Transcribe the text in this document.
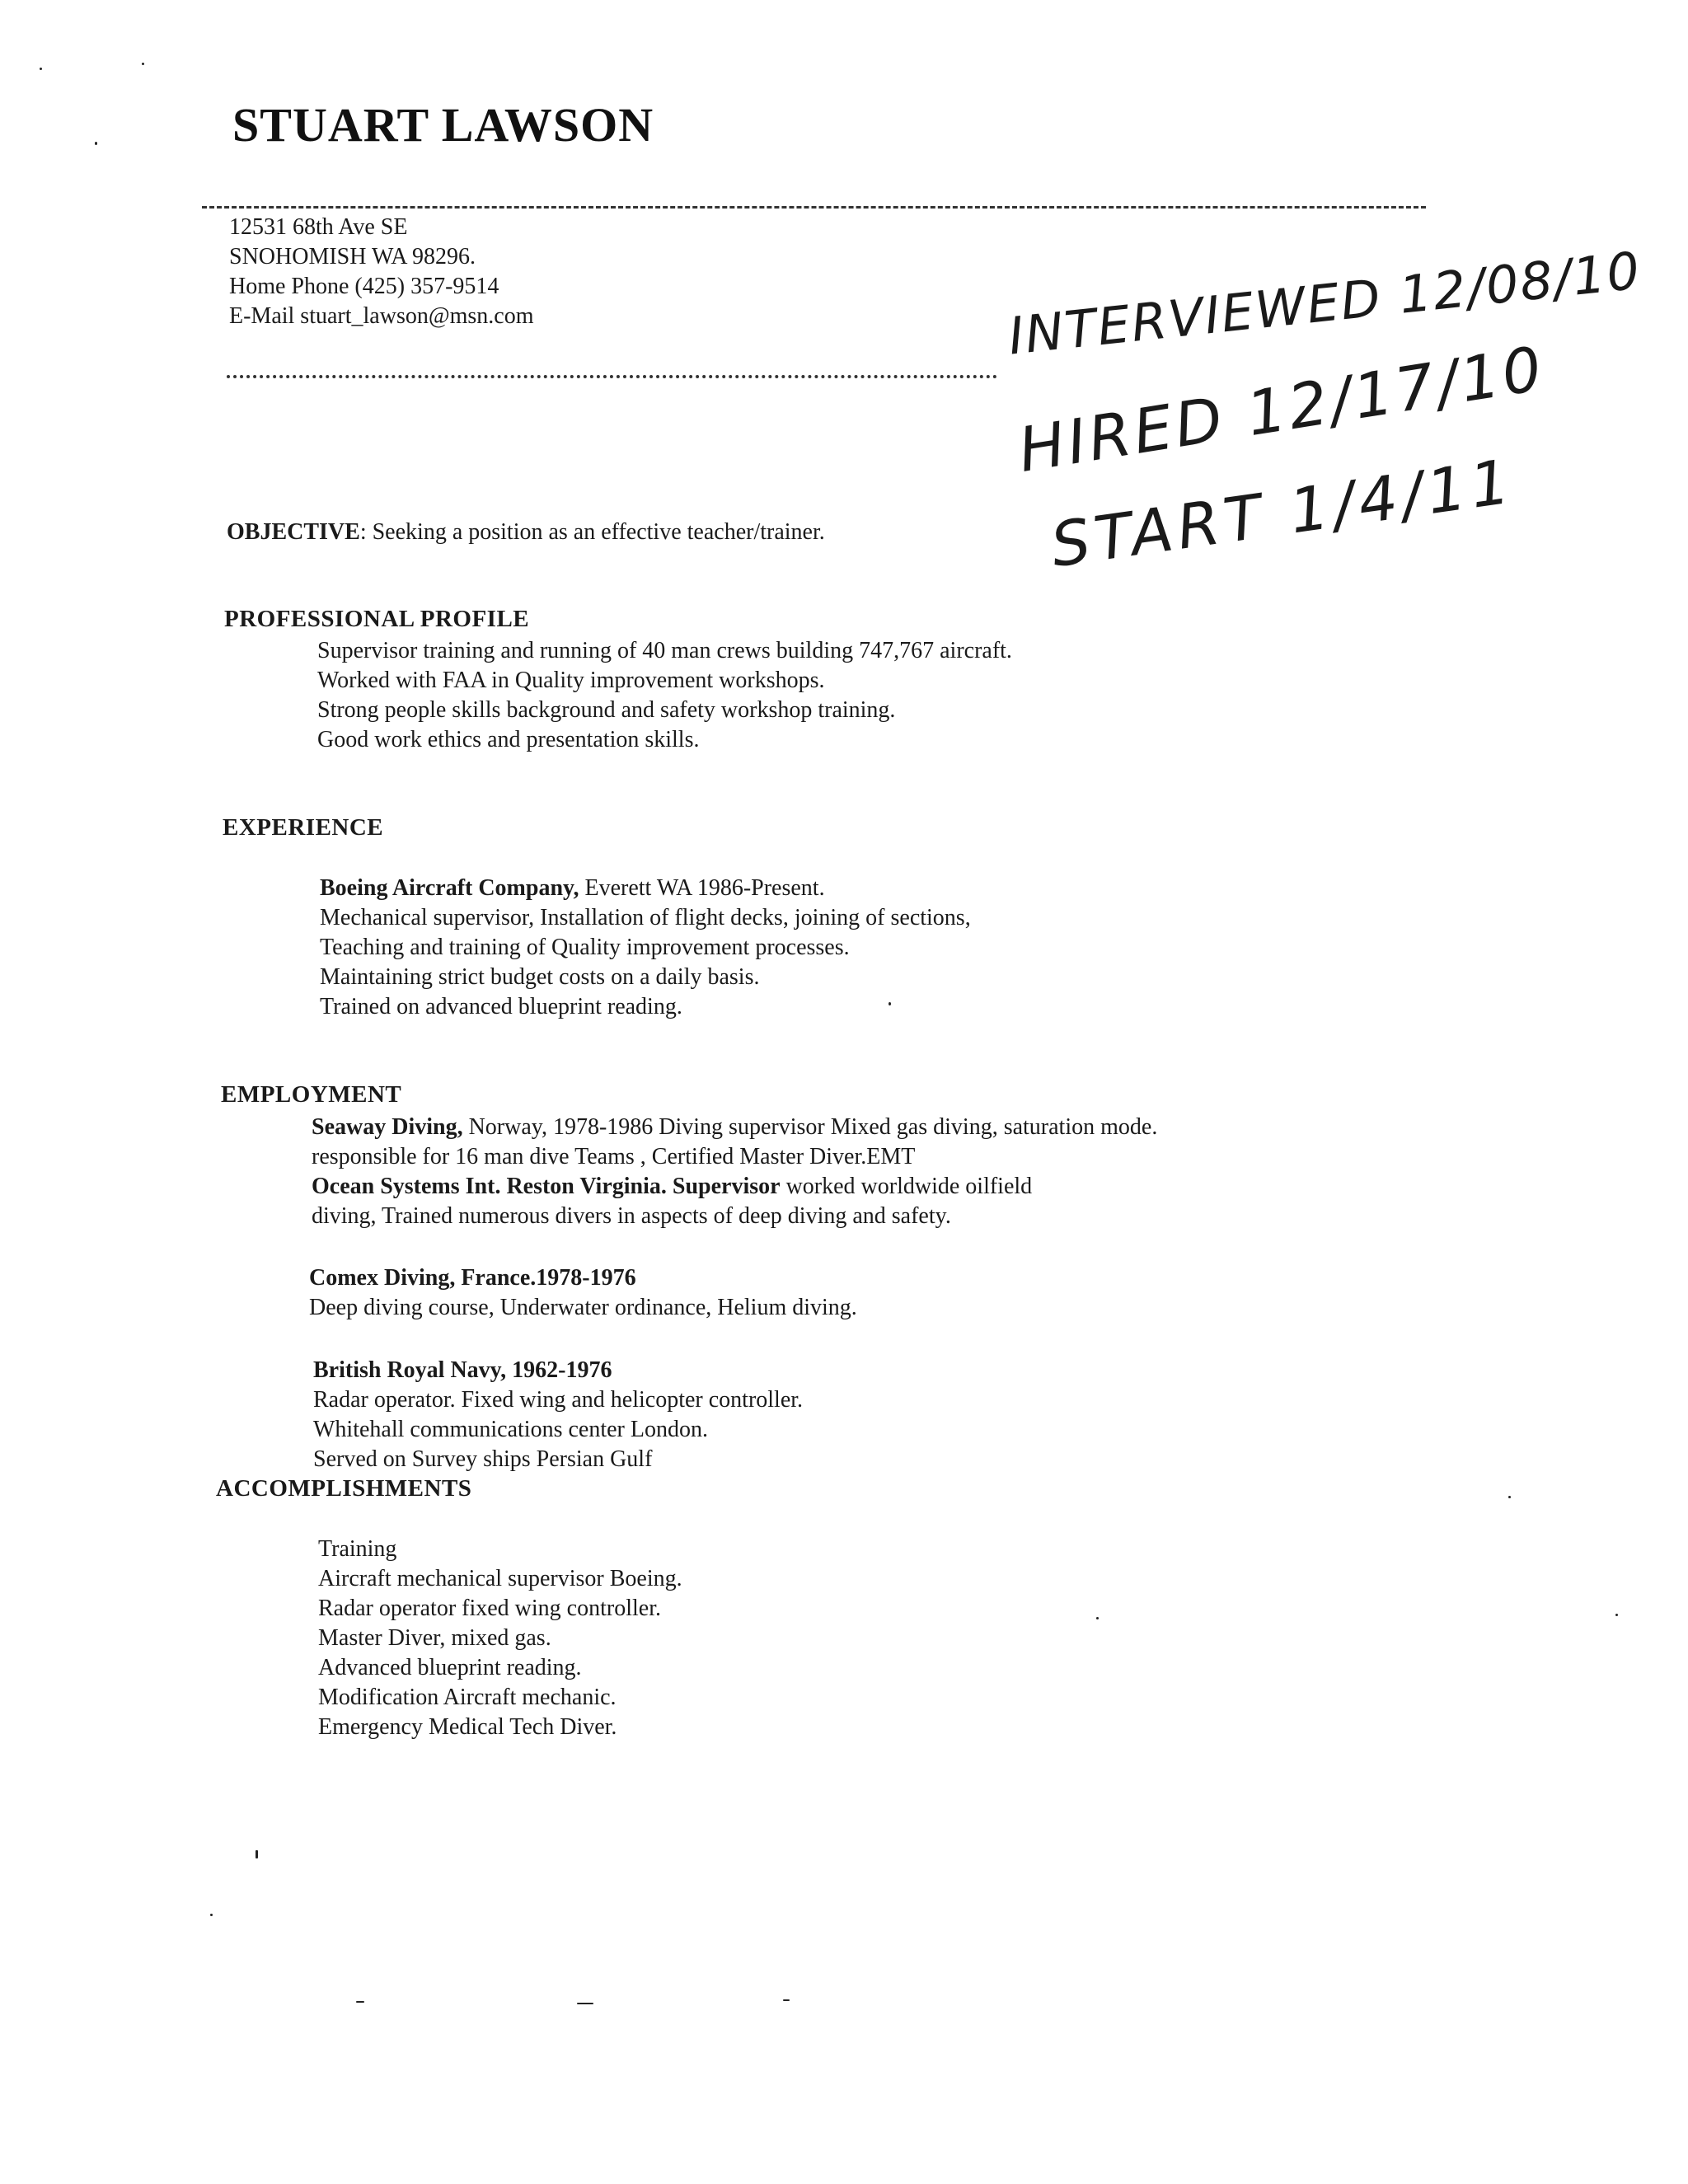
STUART LAWSON
12531 68th Ave SE
SNOHOMISH WA 98296.
Home Phone (425) 357-9514
E-Mail stuart_lawson@msn.com	INTERVIEWED 12/08/10
HIRED 12/17/10
START 1/4/11
OBJECTIVE: Seeking a position as an effective teacher/trainer.
PROFESSIONAL PROFILE
Supervisor training and running of 40 man crews building 747,767 aircraft.
Worked with FAA in Quality improvement workshops.
Strong people skills background and safety workshop training.
Good work ethics and presentation skills.
EXPERIENCE
Boeing Aircraft Company, Everett WA 1986-Present.
Mechanical supervisor, Installation of flight decks, joining of sections,
Teaching and training of Quality improvement processes.
Maintaining strict budget costs on a daily basis.
Trained on advanced blueprint reading.
EMPLOYMENT
Seaway Diving, Norway, 1978-1986 Diving supervisor Mixed gas diving, saturation mode.
responsible for 16 man dive Teams , Certified Master Diver.EMT
Ocean Systems Int. Reston Virginia. Supervisor worked worldwide oilfield
diving, Trained numerous divers in aspects of deep diving and safety.
Comex Diving, France.1978-1976
Deep diving course, Underwater ordinance, Helium diving.
British Royal Navy, 1962-1976
Radar operator. Fixed wing and helicopter controller.
Whitehall communications center London.
Served on Survey ships Persian Gulf
ACCOMPLISHMENTS
Training
Aircraft mechanical supervisor Boeing.
Radar operator fixed wing controller.
Master Diver, mixed gas.
Advanced blueprint reading.
Modification Aircraft mechanic.
Emergency Medical Tech Diver.
